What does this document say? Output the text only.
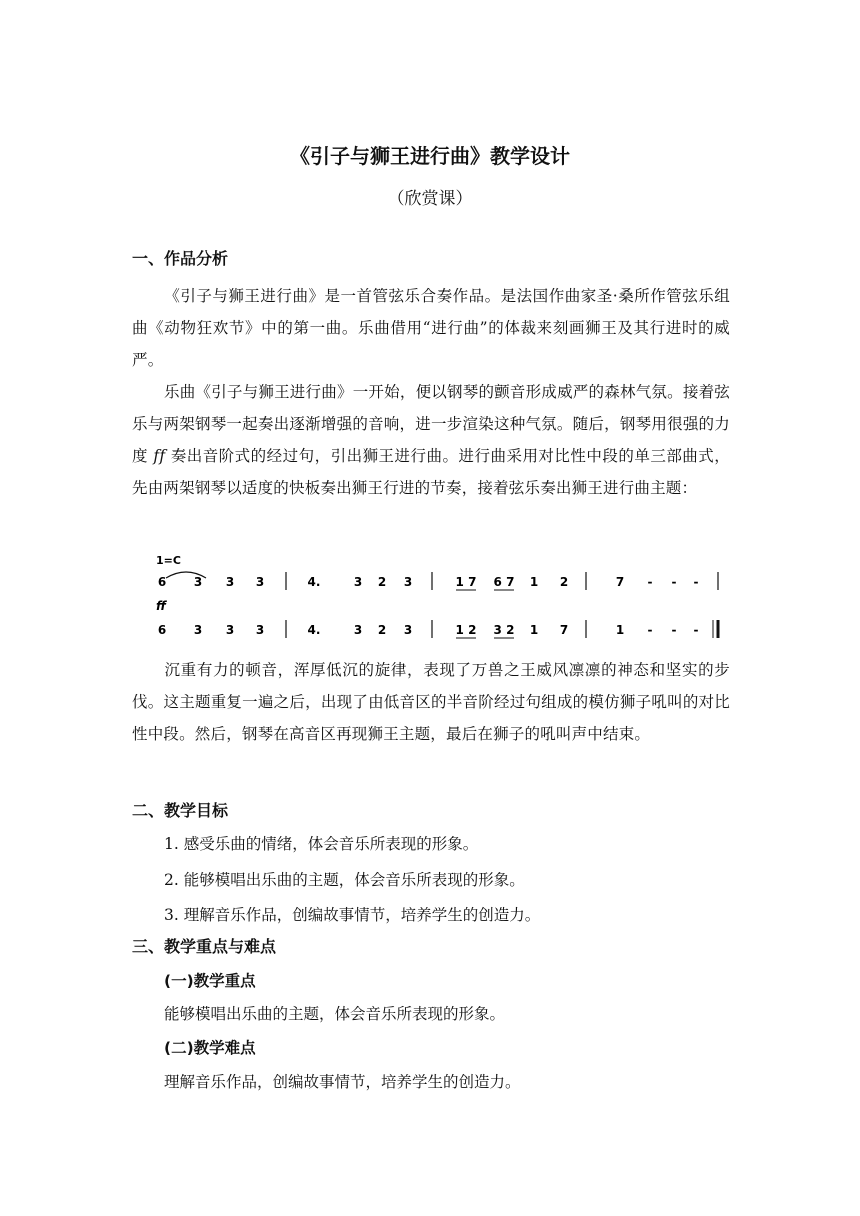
《引子与狮王进行曲》教学设计
（欣赏课）
一、作品分析
《引子与狮王进行曲》是一首管弦乐合奏作品。是法国作曲家圣·桑所作管弦乐组曲《动物狂欢节》中的第一曲。乐曲借用“进行曲”的体裁来刻画狮王及其行进时的威严。
乐曲《引子与狮王进行曲》一开始，便以钢琴的颤音形成威严的森林气氛。接着弦乐与两架钢琴一起奏出逐渐增强的音响，进一步渲染这种气氛。随后，钢琴用很强的力度 ff 奏出音阶式的经过句，引出狮王进行曲。进行曲采用对比性中段的单三部曲式，先由两架钢琴以适度的快板奏出狮王行进的节奏，接着弦乐奏出狮王进行曲主题：
1=C
6 3 3 3	4.	3 2 3	1 7 6 7 1 2	7 - - -
6 3 3 3	4.	3 2 3	1 2 3 2 1 7	1 - - -
ff
沉重有力的顿音，浑厚低沉的旋律，表现了万兽之王威风凛凛的神态和坚实的步伐。这主题重复一遍之后，出现了由低音区的半音阶经过句组成的模仿狮子吼叫的对比性中段。然后，钢琴在高音区再现狮王主题，最后在狮子的吼叫声中结束。
二、教学目标
1. 感受乐曲的情绪，体会音乐所表现的形象。
2. 能够模唱出乐曲的主题，体会音乐所表现的形象。
3. 理解音乐作品，创编故事情节，培养学生的创造力。
三、教学重点与难点
(一)教学重点
能够模唱出乐曲的主题，体会音乐所表现的形象。
(二)教学难点
理解音乐作品，创编故事情节，培养学生的创造力。
